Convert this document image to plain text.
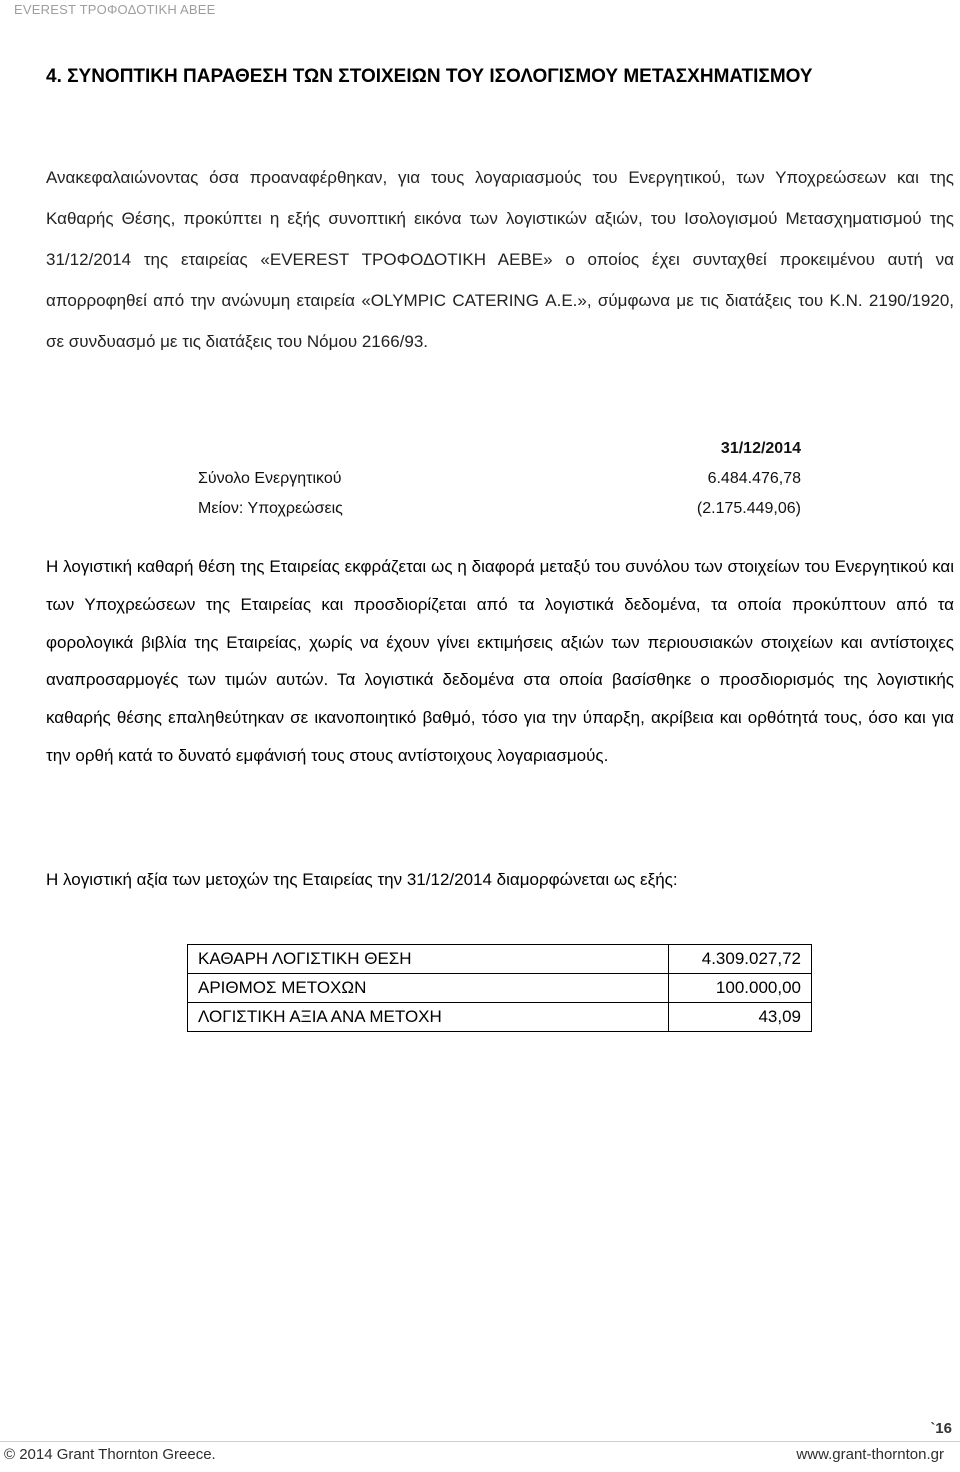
EVEREST ΤΡΟΦΟΔΟΤΙΚΗ ΑΒΕΕ
4. ΣΥΝΟΠΤΙΚΗ ΠΑΡΑΘΕΣΗ ΤΩΝ ΣΤΟΙΧΕΙΩΝ ΤΟΥ ΙΣΟΛΟΓΙΣΜΟΥ ΜΕΤΑΣΧΗΜΑΤΙΣΜΟΥ

Ανακεφαλαιώνοντας όσα προαναφέρθηκαν, για τους λογαριασμούς του Ενεργητικού, των Υποχρεώσεων και της Καθαρής Θέσης, προκύπτει η εξής συνοπτική εικόνα των λογιστικών αξιών, του Ισολογισμού Μετασχηματισμού της 31/12/2014 της εταιρείας «EVEREST ΤΡΟΦΟΔΟΤΙΚΗ ΑΕΒΕ» ο οποίος έχει συνταχθεί προκειμένου αυτή να απορροφηθεί από την ανώνυμη εταιρεία «OLYMPIC CATERING Α.Ε.», σύμφωνα με τις διατάξεις του Κ.Ν. 2190/1920, σε συνδυασμό με τις διατάξεις του Νόμου 2166/93.

31/12/2014
Σύνολο Ενεργητικού	6.484.476,78
Μείον: Υποχρεώσεις	(2.175.449,06)

Η λογιστική καθαρή θέση της Εταιρείας εκφράζεται ως η διαφορά μεταξύ του συνόλου των στοιχείων του Ενεργητικού και των Υποχρεώσεων της Εταιρείας και προσδιορίζεται από τα λογιστικά δεδομένα, τα οποία προκύπτουν από τα φορολογικά βιβλία της Εταιρείας, χωρίς να έχουν γίνει εκτιμήσεις αξιών των περιουσιακών στοιχείων και αντίστοιχες αναπροσαρμογές των τιμών αυτών. Τα λογιστικά δεδομένα στα οποία βασίσθηκε ο προσδιορισμός της λογιστικής καθαρής θέσης επαληθεύτηκαν σε ικανοποιητικό βαθμό, τόσο για την ύπαρξη, ακρίβεια και ορθότητά τους, όσο και για την ορθή κατά το δυνατό εμφάνισή τους στους αντίστοιχους λογαριασμούς.

Η λογιστική αξία των μετοχών της Εταιρείας την 31/12/2014 διαμορφώνεται ως εξής:

ΚΑΘΑΡΗ ΛΟΓΙΣΤΙΚΗ ΘΕΣΗ	4.309.027,72
ΑΡΙΘΜΟΣ ΜΕΤΟΧΩΝ	100.000,00
ΛΟΓΙΣΤΙΚΗ ΑΞΙΑ ΑΝΑ ΜΕΤΟΧΗ	43,09
`16
© 2014 Grant Thornton Greece.	www.grant-thornton.gr
